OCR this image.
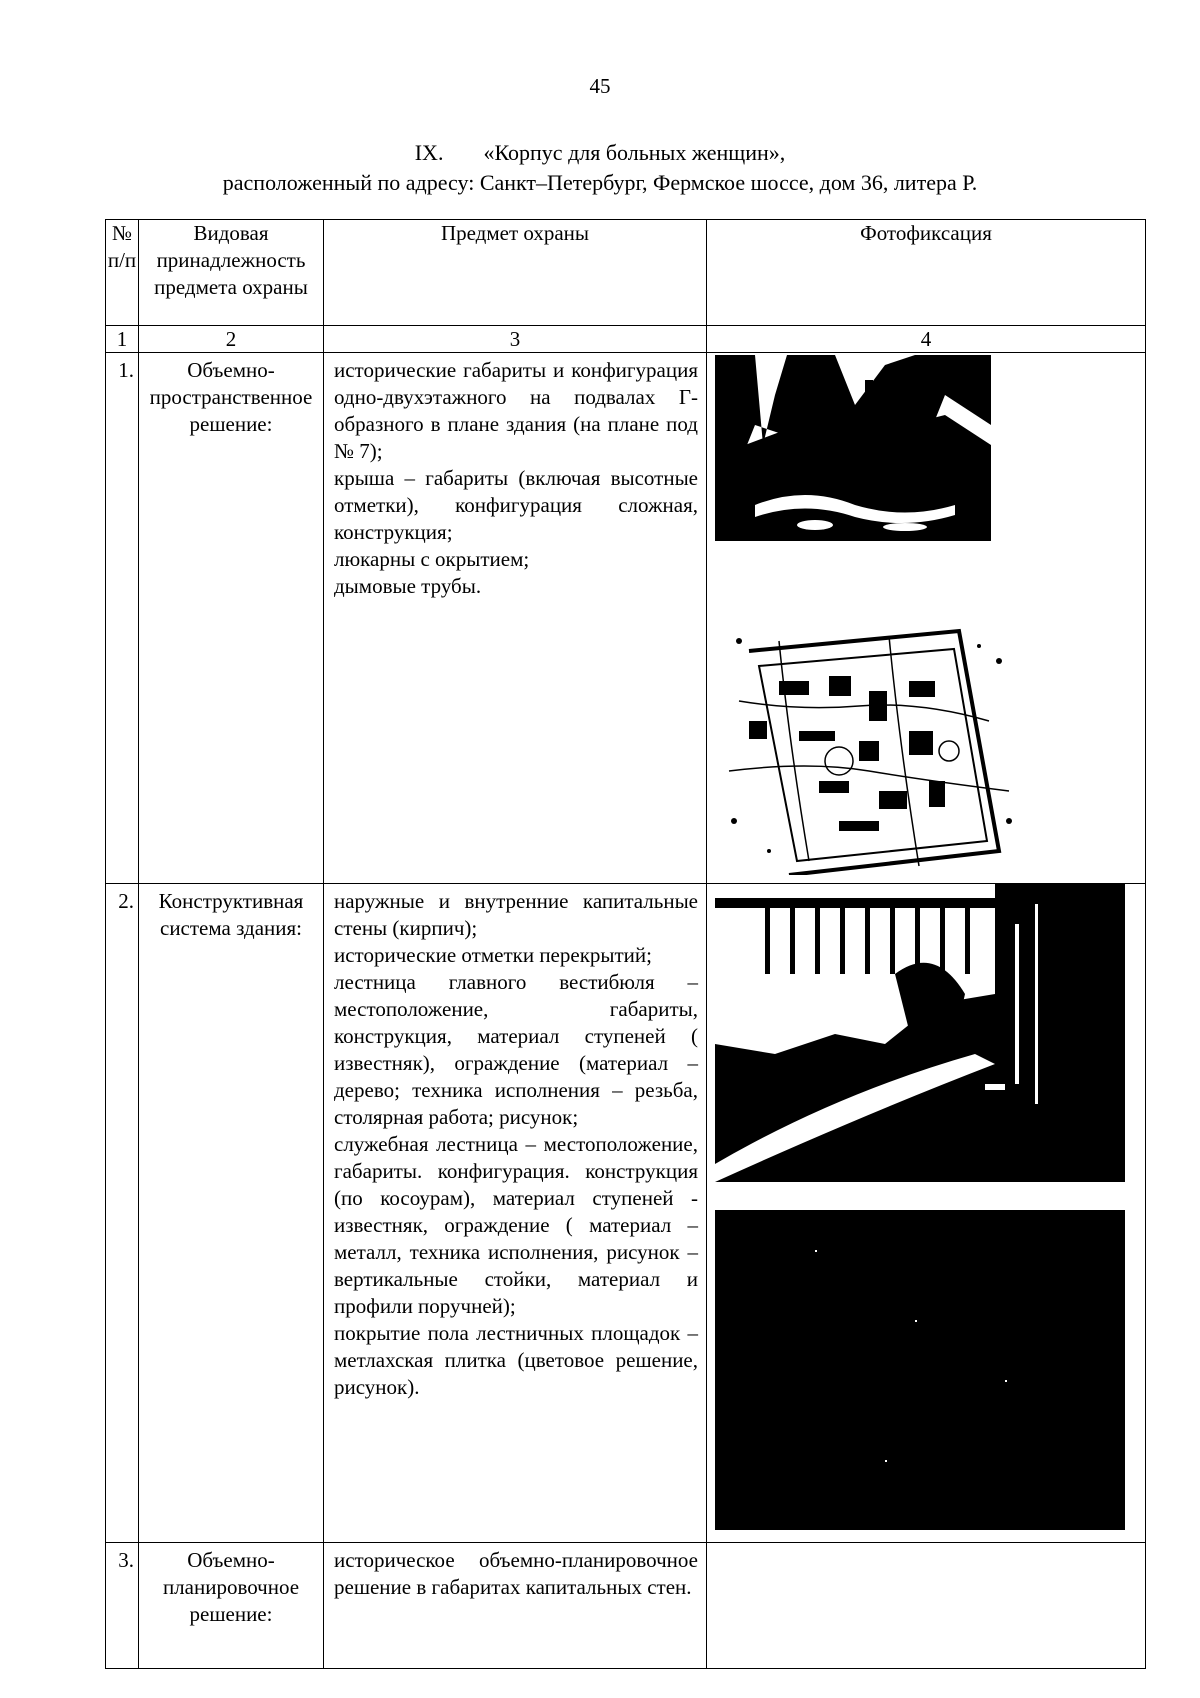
45
IX. «Корпус для больных женщин»,
расположенный по адресу: Санкт–Петербург, Фермское шоссе, дом 36, литера Р.
№ п/п	Видовая принадлежность предмета охраны	Предмет охраны	Фотофиксация
1	2	3	4
1.	Объемно-пространственное решение:	исторические габариты и конфигурация одно-двухэтажного на подвалах Г-образного в плане здания (на плане под № 7);

крыша – габариты (включая высотные отметки), конфигурация сложная, конструкция;

люкарны с окрытием;

дымовые трубы.

2.	Конструктивная система здания:	наружные и внутренние капитальные стены (кирпич);

исторические отметки перекрытий;

лестница главного вестибюля – местоположение, габариты, конструкция, материал ступеней ( известняк), ограждение (материал – дерево; техника исполнения – резьба, столярная работа; рисунок;

служебная лестница – местоположение, габариты. конфигурация. конструкция (по косоурам), материал ступеней - известняк, ограждение ( материал – металл, техника исполнения, рисунок – вертикальные стойки, материал и профили поручней);

покрытие пола лестничных площадок – метлахская плитка (цветовое решение, рисунок).

3.	Объемно-планировочное решение:	историческое объемно-планировочное решение в габаритах капитальных стен.	
